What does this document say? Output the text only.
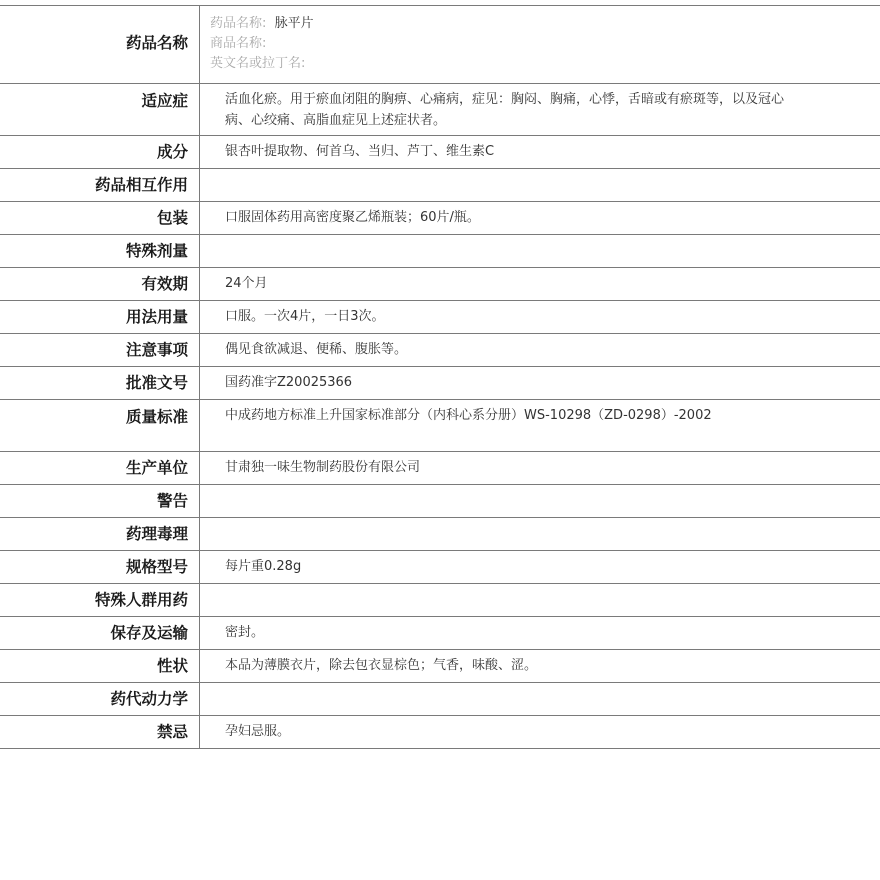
药品名称
药品名称: 脉平片
商品名称:
英文名或拉丁名:
适应症	活血化瘀。用于瘀血闭阻的胸痹、心痛病，症见：胸闷、胸痛，心悸，舌暗或有瘀斑等，以及冠心病、心绞痛、高脂血症见上述症状者。
成分	银杏叶提取物、何首乌、当归、芦丁、维生素C
药品相互作用
包装	口服固体药用高密度聚乙烯瓶装；60片/瓶。
特殊剂量
有效期	24个月
用法用量	口服。一次4片，一日3次。
注意事项	偶见食欲减退、便稀、腹胀等。
批准文号	国药准字Z20025366
质量标准	中成药地方标准上升国家标准部分（内科心系分册）WS-10298（ZD-0298）-2002
生产单位	甘肃独一味生物制药股份有限公司
警告
药理毒理
规格型号	每片重0.28g
特殊人群用药
保存及运输	密封。
性状	本品为薄膜衣片，除去包衣显棕色；气香，味酸、涩。
药代动力学
禁忌	孕妇忌服。
